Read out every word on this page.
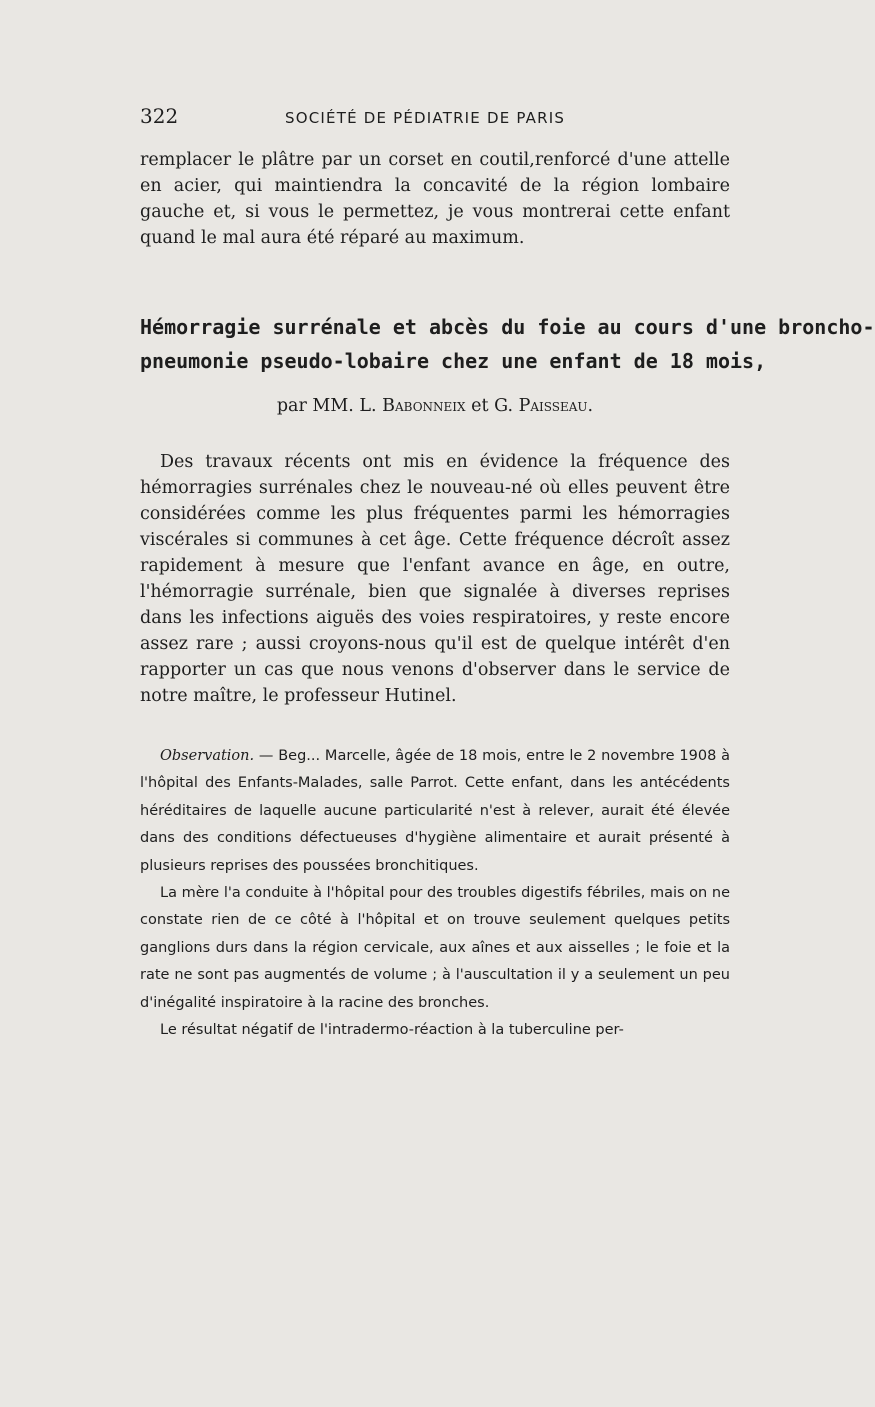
322	SOCIÉTÉ DE PÉDIATRIE DE PARIS

remplacer le plâtre par un corset en coutil,renforcé d'une attelle en acier, qui maintiendra la concavité de la région lombaire gauche et, si vous le permettez, je vous montrerai cette enfant quand le mal aura été réparé au maximum.

Hémorragie surrénale et abcès du foie au cours d'une broncho-
pneumonie pseudo-lobaire chez une enfant de 18 mois,
par MM. L. Babonneix et G. Paisseau.

Des travaux récents ont mis en évidence la fréquence des hémorragies surrénales chez le nouveau-né où elles peuvent être considérées comme les plus fréquentes parmi les hémorragies viscérales si communes à cet âge. Cette fréquence décroît assez rapidement à mesure que l'enfant avance en âge, en outre, l'hémorragie surrénale, bien que signalée à diverses reprises dans les infections aiguës des voies respiratoires, y reste encore assez rare ; aussi croyons-nous qu'il est de quelque intérêt d'en rapporter un cas que nous venons d'observer dans le service de notre maître, le professeur Hutinel.

Observation. — Beg... Marcelle, âgée de 18 mois, entre le 2 novembre 1908 à l'hôpital des Enfants-Malades, salle Parrot. Cette enfant, dans les antécédents héréditaires de laquelle aucune particularité n'est à relever, aurait été élevée dans des conditions défectueuses d'hygiène alimentaire et aurait présenté à plusieurs reprises des poussées bronchitiques.

La mère l'a conduite à l'hôpital pour des troubles digestifs fébriles, mais on ne constate rien de ce côté à l'hôpital et on trouve seulement quelques petits ganglions durs dans la région cervicale, aux aînes et aux aisselles ; le foie et la rate ne sont pas augmentés de volume ; à l'auscultation il y a seulement un peu d'inégalité inspiratoire à la racine des bronches.

Le résultat négatif de l'intradermo-réaction à la tuberculine per-
